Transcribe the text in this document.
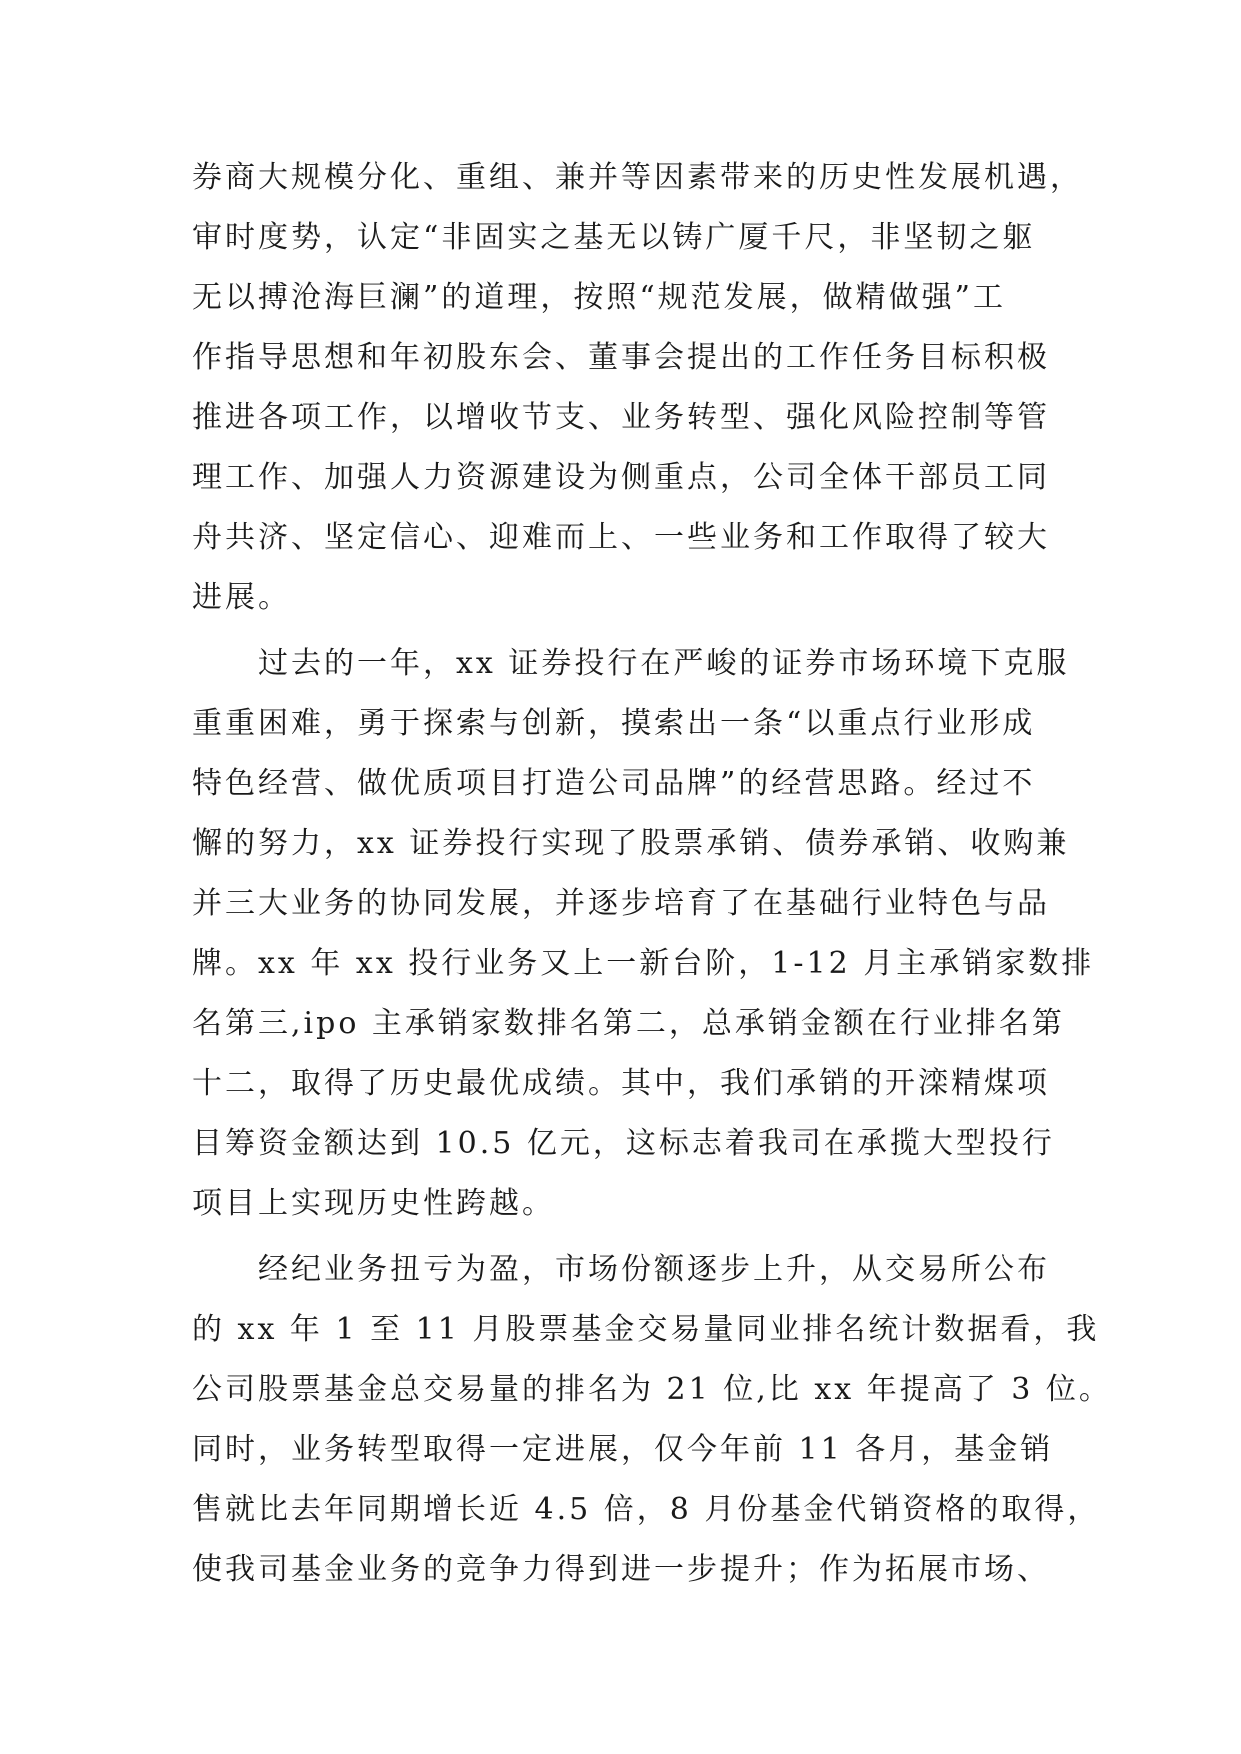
券商大规模分化、重组、兼并等因素带来的历史性发展机遇，
审时度势，认定“非固实之基无以铸广厦千尺，非坚韧之躯
无以搏沧海巨澜”的道理，按照“规范发展，做精做强”工
作指导思想和年初股东会、董事会提出的工作任务目标积极
推进各项工作，以增收节支、业务转型、强化风险控制等管
理工作、加强人力资源建设为侧重点，公司全体干部员工同
舟共济、坚定信心、迎难而上、一些业务和工作取得了较大
进展。
　　过去的一年，xx 证券投行在严峻的证券市场环境下克服
重重困难，勇于探索与创新，摸索出一条“以重点行业形成
特色经营、做优质项目打造公司品牌”的经营思路。经过不
懈的努力，xx 证券投行实现了股票承销、债券承销、收购兼
并三大业务的协同发展，并逐步培育了在基础行业特色与品
牌。xx 年 xx 投行业务又上一新台阶，1-12 月主承销家数排
名第三,ipo 主承销家数排名第二，总承销金额在行业排名第
十二，取得了历史最优成绩。其中，我们承销的开滦精煤项
目筹资金额达到 10.5 亿元，这标志着我司在承揽大型投行
项目上实现历史性跨越。
　　经纪业务扭亏为盈，市场份额逐步上升，从交易所公布
的 xx 年 1 至 11 月股票基金交易量同业排名统计数据看，我
公司股票基金总交易量的排名为 21 位,比 xx 年提高了 3 位。
同时，业务转型取得一定进展，仅今年前 11 各月，基金销
售就比去年同期增长近 4.5 倍，8 月份基金代销资格的取得，
使我司基金业务的竞争力得到进一步提升；作为拓展市场、
